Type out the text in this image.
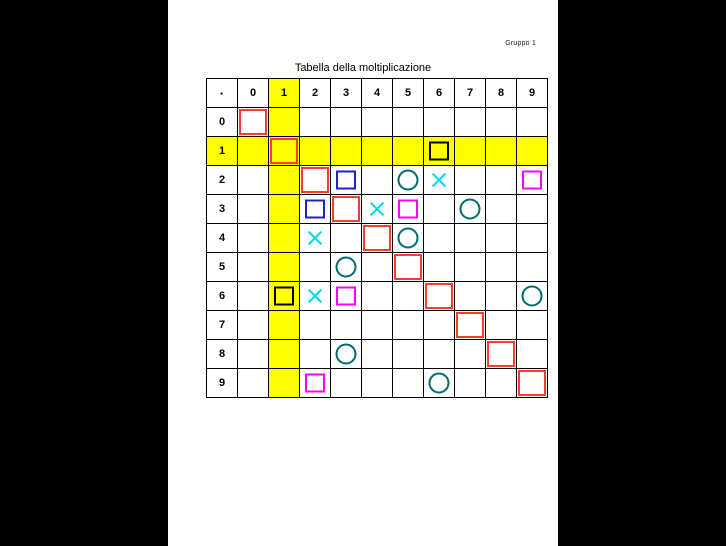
Gruppo 1
Tabella della moltiplicazione
·	0	1	2	3	4	5	6	7	8	9
0	

1		

2			

3			

4			

5				

6		

7								

8				

9			
